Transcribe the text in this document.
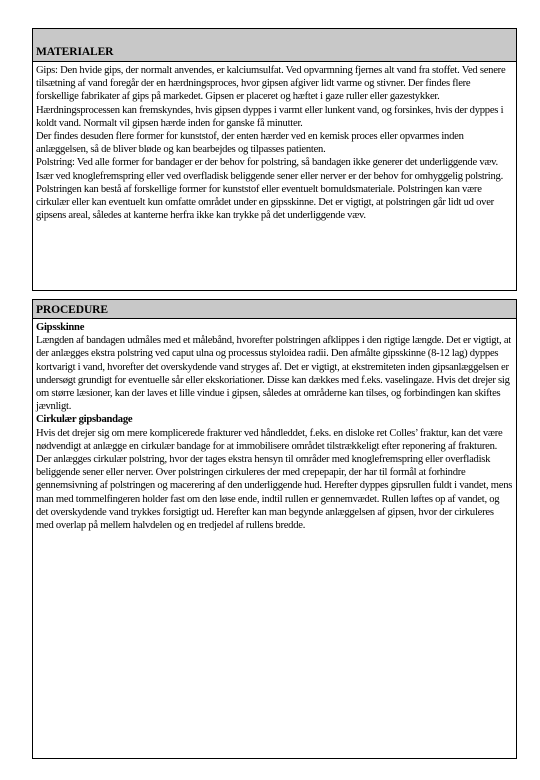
MATERIALER

Gips: Den hvide gips, der normalt anvendes, er kalciumsulfat. Ved opvarmning fjernes alt vand fra stoffet. Ved senere tilsætning af vand foregår der en hærdningsproces, hvor gipsen afgiver lidt varme og stivner. Der findes flere forskellige fabrikater af gips på markedet. Gipsen er placeret og hæftet i gaze ruller eller gazestykker. Hærdningsprocessen kan fremskyndes, hvis gipsen dyppes i varmt eller lunkent vand, og forsinkes, hvis der dyppes i koldt vand. Normalt vil gipsen hærde inden for ganske få minutter.

Der findes desuden flere former for kunststof, der enten hærder ved en kemisk proces eller opvarmes inden anlæggelsen, så de bliver bløde og kan bearbejdes og tilpasses patienten.

Polstring: Ved alle former for bandager er der behov for polstring, så bandagen ikke generer det underliggende væv. Især ved knoglefremspring eller ved overfladisk beliggende sener eller nerver er der behov for omhyggelig polstring. Polstringen kan bestå af forskellige former for kunststof eller eventuelt bomuldsmateriale. Polstringen kan være cirkulær eller kan eventuelt kun omfatte området under en gipsskinne. Det er vigtigt, at polstringen går lidt ud over gipsens areal, således at kanterne herfra ikke kan trykke på det underliggende væv.

PROCEDURE

Gipsskinne

Længden af bandagen udmåles med et målebånd, hvorefter polstringen afklippes i den rigtige længde. Det er vigtigt, at der anlægges ekstra polstring ved caput ulna og processus styloidea radii. Den afmålte gipsskinne (8-12 lag) dyppes kortvarigt i vand, hvorefter det overskydende vand stryges af. Det er vigtigt, at ekstremiteten inden gipsanlæggelsen er undersøgt grundigt for eventuelle sår eller ekskoriationer. Disse kan dækkes med f.eks. vaselingaze. Hvis det drejer sig om større læsioner, kan der laves et lille vindue i gipsen, således at områderne kan tilses, og forbindingen kan skiftes jævnligt.

Cirkulær gipsbandage

Hvis det drejer sig om mere komplicerede frakturer ved håndleddet, f.eks. en disloke ret Colles’ fraktur, kan det være nødvendigt at anlægge en cirkulær bandage for at immobilisere området tilstrækkeligt efter reponering af frakturen. Der anlægges cirkulær polstring, hvor der tages ekstra hensyn til områder med knoglefremspring eller overfladisk beliggende sener eller nerver. Over polstringen cirkuleres der med crepepapir, der har til formål at forhindre gennemsivning af polstringen og macerering af den underliggende hud. Herefter dyppes gipsrullen fuldt i vandet, mens man med tommelfingeren holder fast om den løse ende, indtil rullen er gennemvædet. Rullen løftes op af vandet, og det overskydende vand trykkes forsigtigt ud. Herefter kan man begynde anlæggelsen af gipsen, hvor der cirkuleres med overlap på mellem halvdelen og en tredjedel af rullens bredde.
